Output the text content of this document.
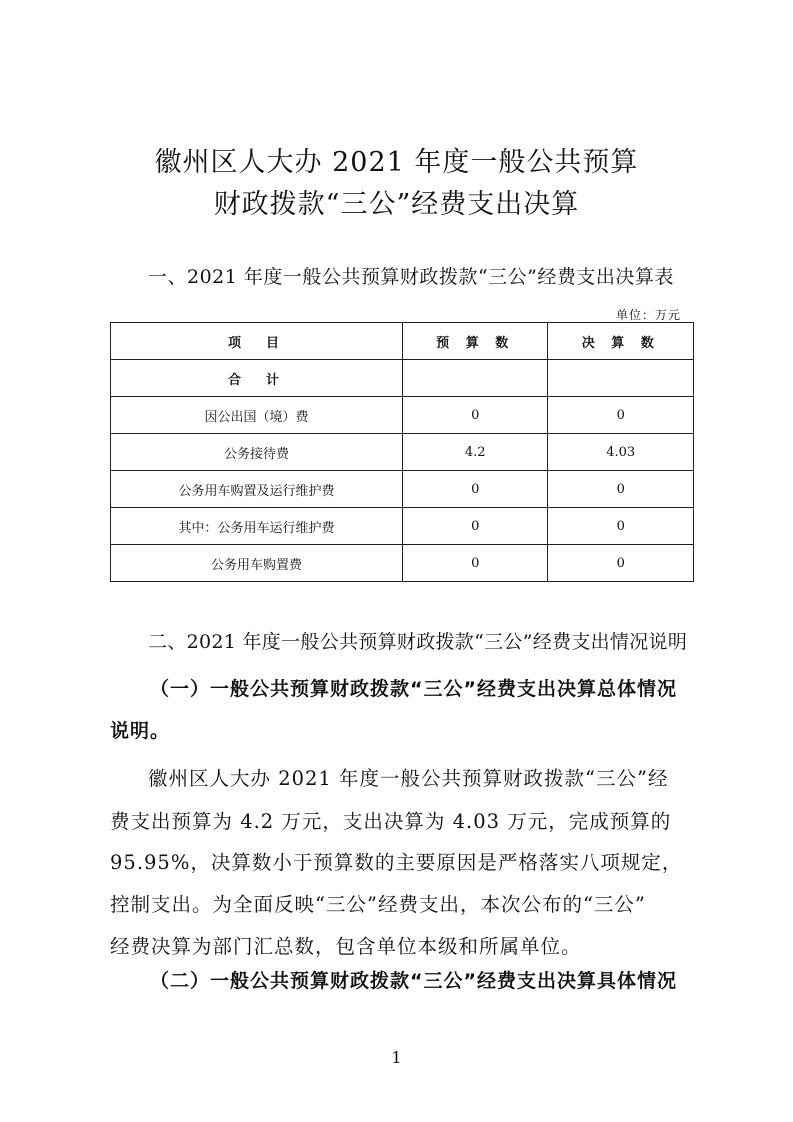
徽州区人大办 2021 年度一般公共预算
财政拨款“三公”经费支出决算
一、2021 年度一般公共预算财政拨款“三公”经费支出决算表
单位：万元
项　目	预 算 数	决 算 数
合　计		
因公出国（境）费	0	0
公务接待费	4.2	4.03
公务用车购置及运行维护费	0	0
其中：公务用车运行维护费	0	0
公务用车购置费	0	0
二、2021 年度一般公共预算财政拨款“三公”经费支出情况说明
（一）一般公共预算财政拨款“三公”经费支出决算总体情况
说明。
徽州区人大办 2021 年度一般公共预算财政拨款“三公”经
费支出预算为 4.2 万元，支出决算为 4.03 万元，完成预算的
95.95%，决算数小于预算数的主要原因是严格落实八项规定，
控制支出。为全面反映“三公”经费支出，本次公布的“三公”
经费决算为部门汇总数，包含单位本级和所属单位。
（二）一般公共预算财政拨款“三公”经费支出决算具体情况
1
